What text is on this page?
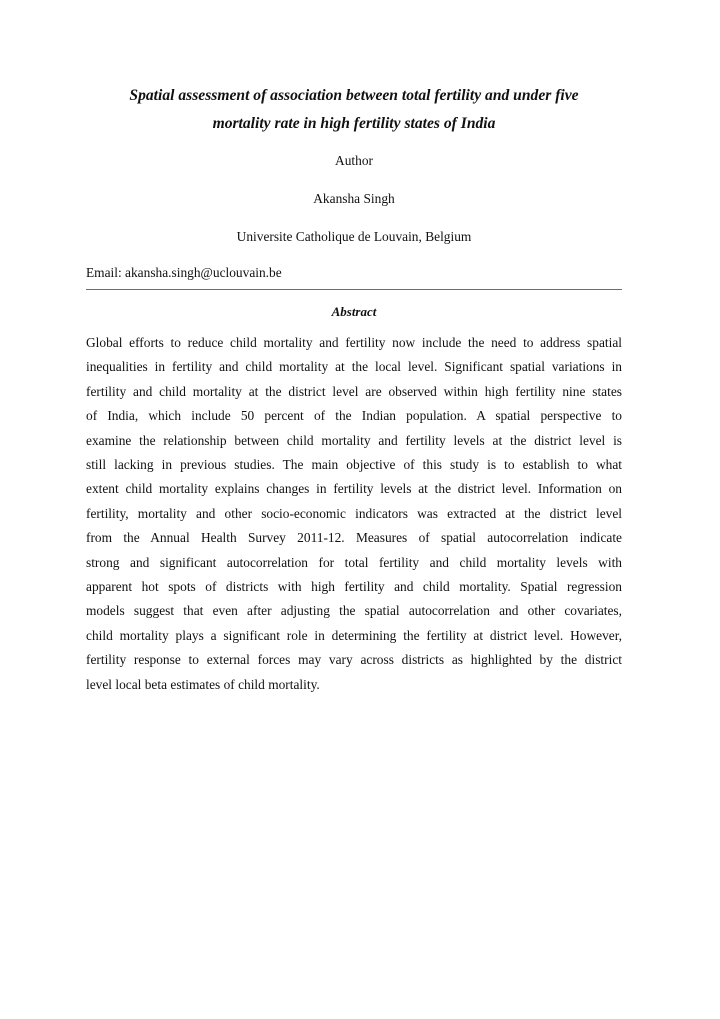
Spatial assessment of association between total fertility and under five
mortality rate in high fertility states of India

Author

Akansha Singh

Universite Catholique de Louvain, Belgium

Email: akansha.singh@uclouvain.be

Abstract
Global efforts to reduce child mortality and fertility now include the need to address spatial
inequalities in fertility and child mortality at the local level. Significant spatial variations in
fertility and child mortality at the district level are observed within high fertility nine states
of India, which include 50 percent of the Indian population. A spatial perspective to
examine the relationship between child mortality and fertility levels at the district level is
still lacking in previous studies. The main objective of this study is to establish to what
extent child mortality explains changes in fertility levels at the district level. Information on
fertility, mortality and other socio-economic indicators was extracted at the district level
from the Annual Health Survey 2011-12. Measures of spatial autocorrelation indicate
strong and significant autocorrelation for total fertility and child mortality levels with
apparent hot spots of districts with high fertility and child mortality. Spatial regression
models suggest that even after adjusting the spatial autocorrelation and other covariates,
child mortality plays a significant role in determining the fertility at district level. However,
fertility response to external forces may vary across districts as highlighted by the district
level local beta estimates of child mortality.
